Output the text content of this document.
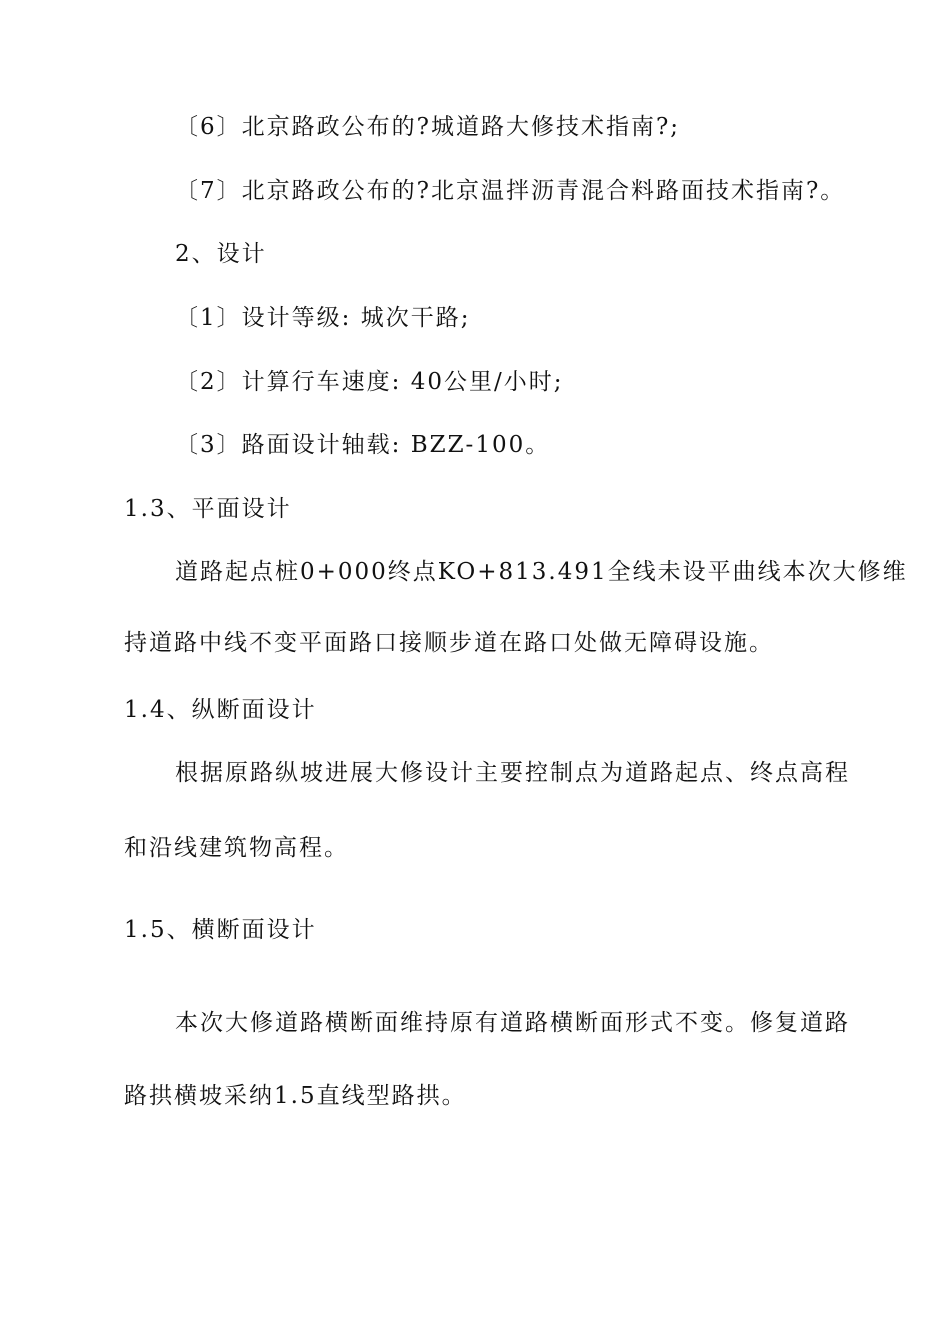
〔6〕北京路政公布的?城道路大修技术指南?;
〔7〕北京路政公布的?北京温拌沥青混合料路面技术指南?。
2、设计
〔1〕设计等级: 城次干路;
〔2〕计算行车速度: 40公里/小时;
〔3〕路面设计轴载: BZZ-100。
1.3、平面设计
道路起点桩0+000终点KO+813.491全线未设平曲线本次大修维
持道路中线不变平面路口接顺步道在路口处做无障碍设施。
1.4、纵断面设计
根据原路纵坡进展大修设计主要控制点为道路起点、终点高程
和沿线建筑物高程。
1.5、横断面设计
本次大修道路横断面维持原有道路横断面形式不变。修复道路
路拱横坡采纳1.5直线型路拱。
